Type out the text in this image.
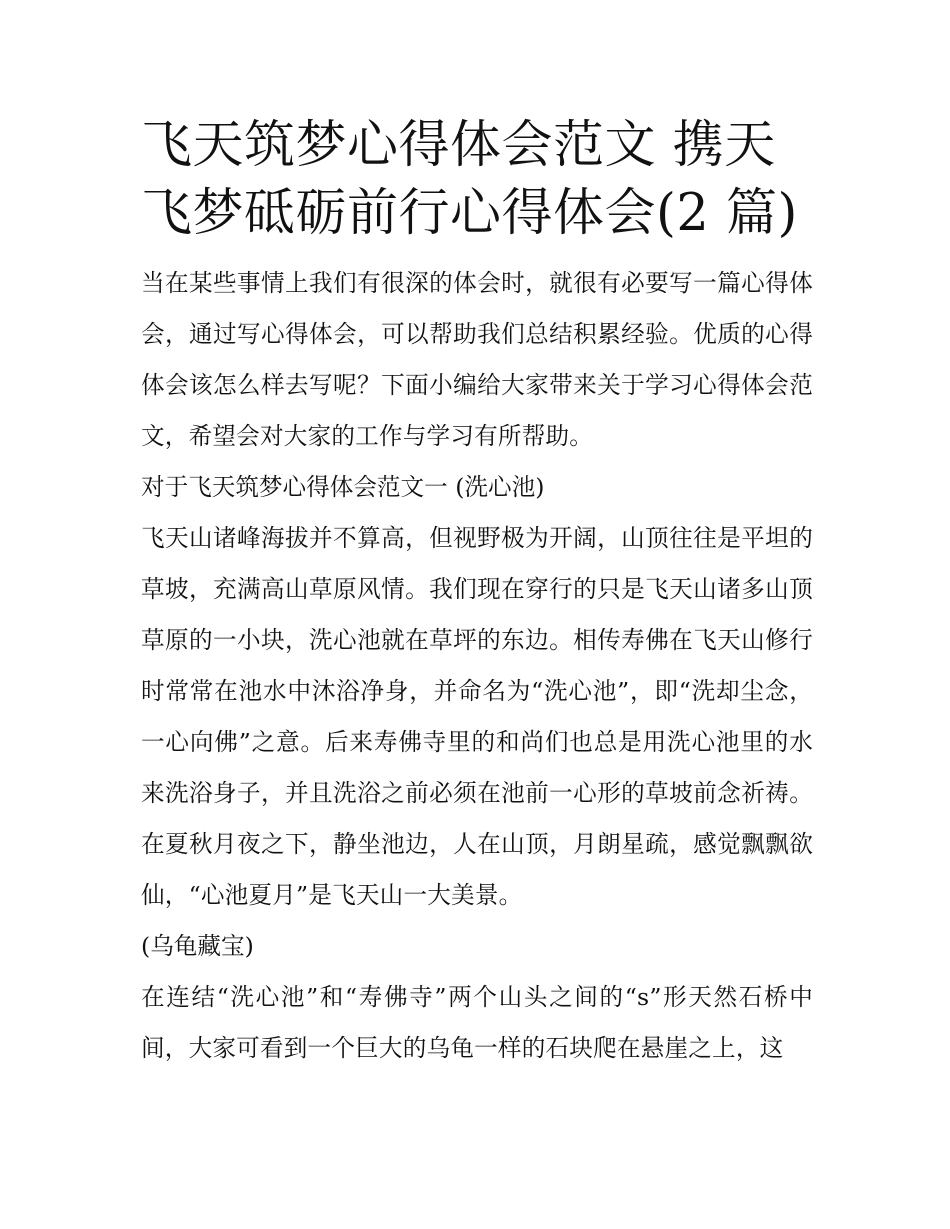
飞天筑梦心得体会范文 携天飞梦砥砺前行心得体会(2 篇)

当在某些事情上我们有很深的体会时，就很有必要写一篇心得体会，通过写心得体会，可以帮助我们总结积累经验。优质的心得体会该怎么样去写呢？下面小编给大家带来关于学习心得体会范文，希望会对大家的工作与学习有所帮助。

对于飞天筑梦心得体会范文一 (洗心池)

飞天山诸峰海拔并不算高，但视野极为开阔，山顶往往是平坦的草坡，充满高山草原风情。我们现在穿行的只是飞天山诸多山顶草原的一小块，洗心池就在草坪的东边。相传寿佛在飞天山修行时常常在池水中沐浴净身，并命名为“洗心池”，即“洗却尘念，一心向佛”之意。后来寿佛寺里的和尚们也总是用洗心池里的水来洗浴身子，并且洗浴之前必须在池前一心形的草坡前念祈祷。在夏秋月夜之下，静坐池边，人在山顶，月朗星疏，感觉飘飘欲仙，“心池夏月”是飞天山一大美景。

(乌龟藏宝)

在连结“洗心池”和“寿佛寺”两个山头之间的“s”形天然石桥中间，大家可看到一个巨大的乌龟一样的石块爬在悬崖之上，这
